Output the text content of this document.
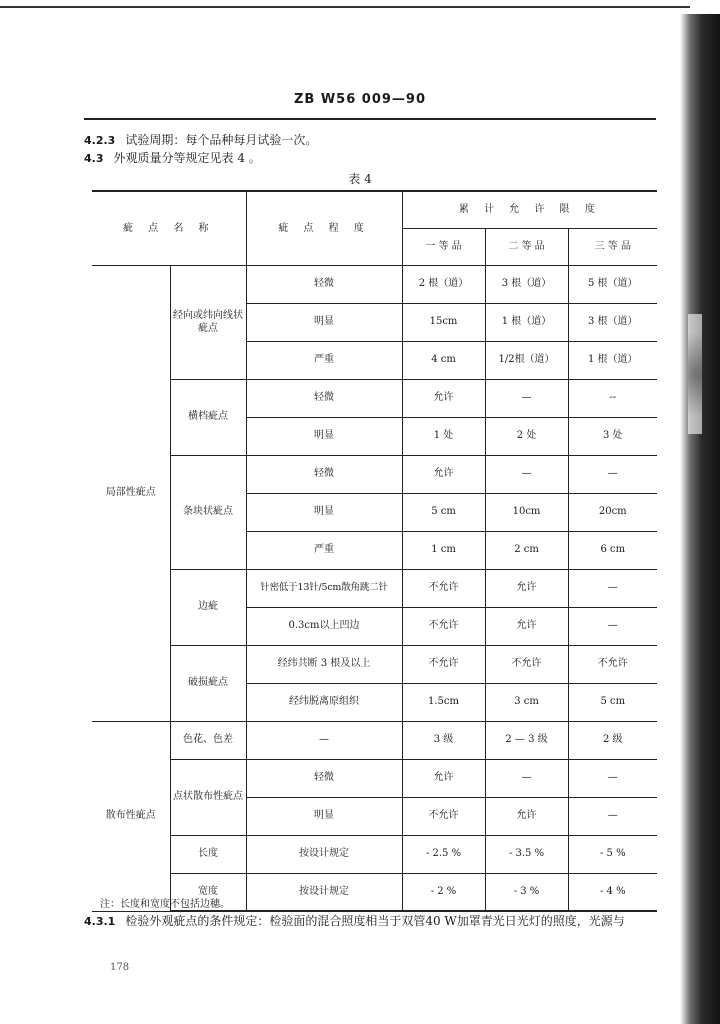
ZB W56 009—90
4.2.3 试验周期：每个品种每月试验一次。
4.3 外观质量分等规定见表 4 。
表 4
疵 点 名 称		疵 点 程 度	累 计 允 许 限 度		
			一 等 品	二 等 品	三 等 品
局部性疵点	经向或纬向线状疵点	轻微	2 根（道）	3 根（道）	5 根（道）
		明显	15cm	1 根（道）	3 根（道）
		严重	4 cm	1/2根（道）	1 根（道）
	横档疵点	轻微	允许	—	--
		明显	1 处	2 处	3 处
	条块状疵点	轻微	允许	—	—
		明显	5 cm	10cm	20cm
		严重	1 cm	2 cm	6 cm
	边疵	针密低于13针/5cm散角跳二针	不允许	允许	—
		0.3cm以上凹边	不允许	允许	—
	破损疵点	经纬共断 3 根及以上	不允许	不允许	不允许
		经纬脱离原组织	1.5cm	3 cm	5 cm
散布性疵点	色花、色差	—	3 级	2 — 3 级	2 级
	点状散布性疵点	轻微	允许	—	—
		明显	不允许	允许	—
	长度	按设计规定	- 2.5 %	- 3.5 %	- 5 %
	宽度	按设计规定	- 2 %	- 3 %	- 4 %
注：长度和宽度不包括边穗。
4.3.1 检验外观疵点的条件规定：检验面的混合照度相当于双管40 W加罩青光日光灯的照度，光源与
178
